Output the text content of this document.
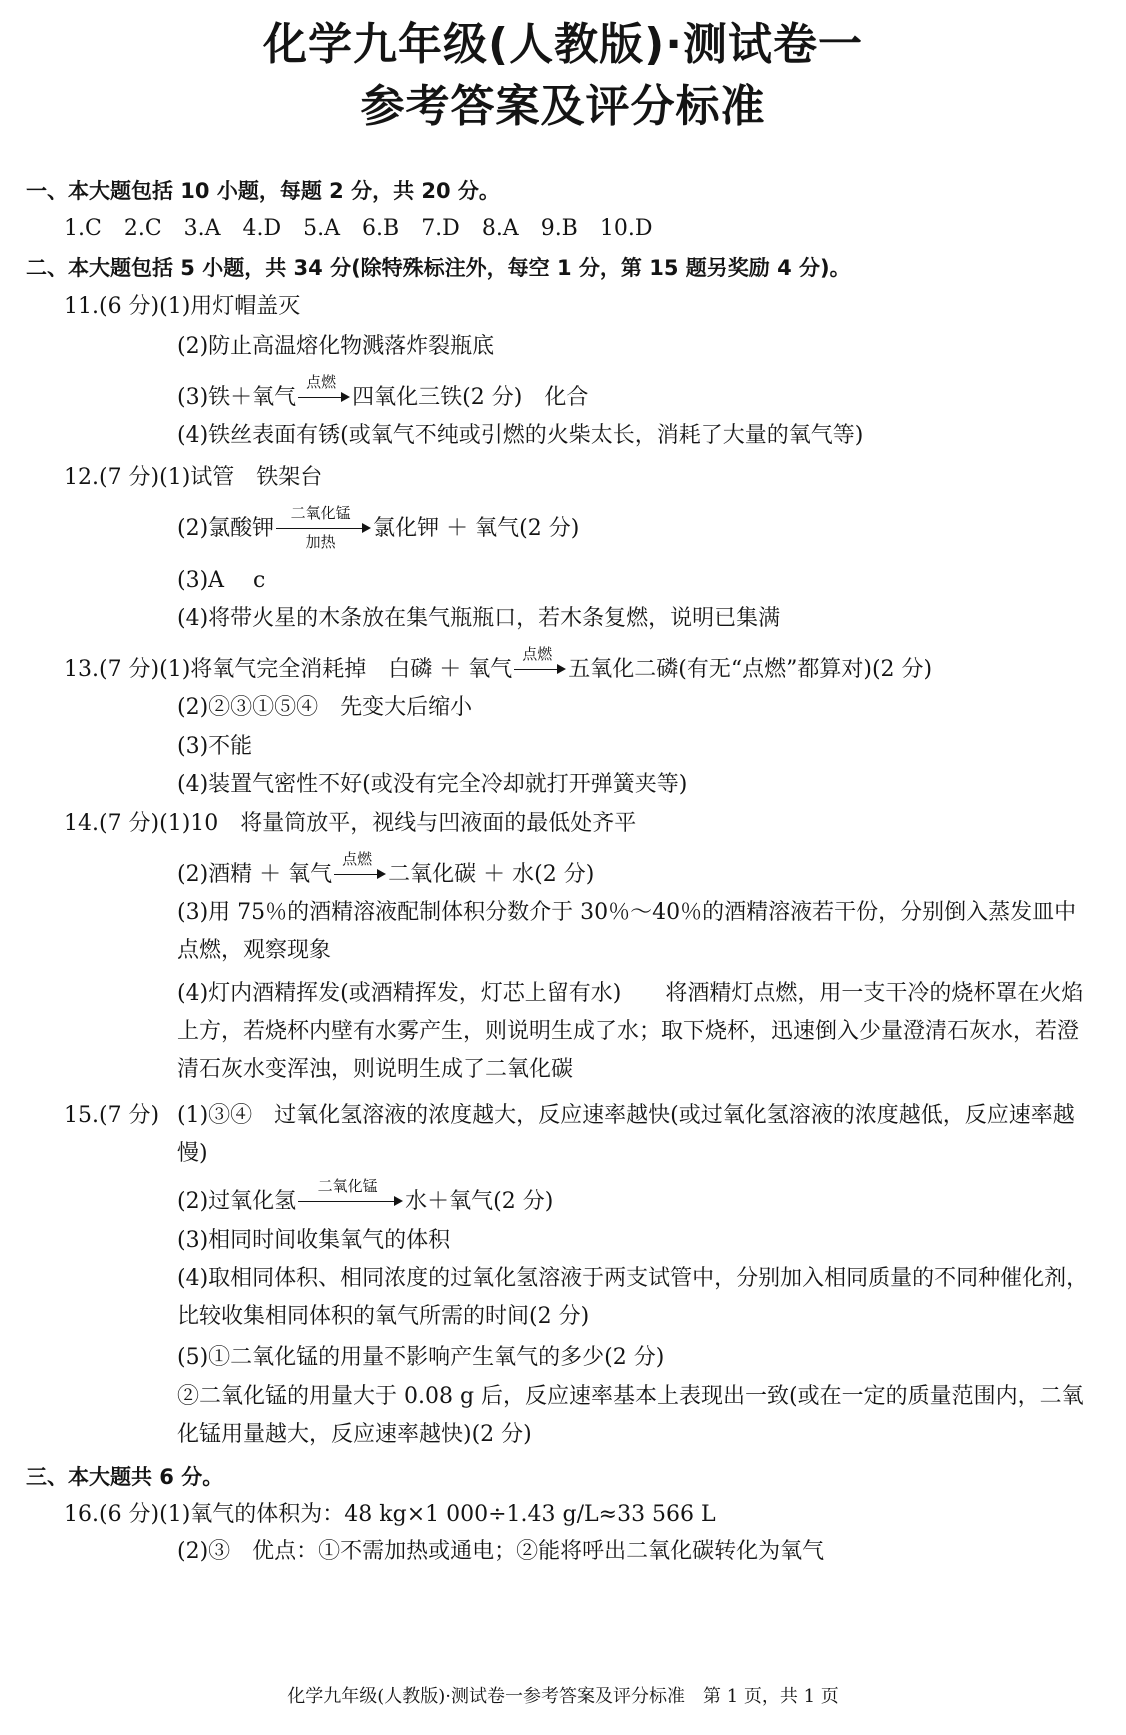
化学九年级(人教版)·测试卷一
参考答案及评分标准
一、本大题包括 10 小题，每题 2 分，共 20 分。
1.C　2.C　3.A　4.D　5.A　6.B　7.D　8.A　9.B　10.D
二、本大题包括 5 小题，共 34 分(除特殊标注外，每空 1 分，第 15 题另奖励 4 分)。
11.(6 分)(1)用灯帽盖灭
(2)防止高温熔化物溅落炸裂瓶底
(3)铁＋氧气
点燃
四氧化三铁(2 分)　化合
(4)铁丝表面有锈(或氧气不纯或引燃的火柴太长，消耗了大量的氧气等)
12.(7 分)(1)试管　铁架台
(2)氯酸钾
二氧化锰
加热
氯化钾 ＋ 氧气(2 分)
(3)A　 c
(4)将带火星的木条放在集气瓶瓶口，若木条复燃，说明已集满
13.(7 分)(1)将氧气完全消耗掉　白磷 ＋ 氧气
点燃
五氧化二磷(有无“点燃”都算对)(2 分)
(2)②③①⑤④　先变大后缩小
(3)不能
(4)装置气密性不好(或没有完全冷却就打开弹簧夹等)
14.(7 分)(1)10　将量筒放平，视线与凹液面的最低处齐平
(2)酒精 ＋ 氧气
点燃
二氧化碳 ＋ 水(2 分)
(3)用 75％的酒精溶液配制体积分数介于 30％～40％的酒精溶液若干份，分别倒入蒸发皿中点燃，观察现象
(4)灯内酒精挥发(或酒精挥发，灯芯上留有水)　　将酒精灯点燃，用一支干冷的烧杯罩在火焰上方，若烧杯内壁有水雾产生，则说明生成了水；取下烧杯，迅速倒入少量澄清石灰水，若澄清石灰水变浑浊，则说明生成了二氧化碳
15.(7 分) (1)③④　过氧化氢溶液的浓度越大，反应速率越快(或过氧化氢溶液的浓度越低，反应速率越慢)
(2)过氧化氢
二氧化锰
水＋氧气(2 分)
(3)相同时间收集氧气的体积
(4)取相同体积、相同浓度的过氧化氢溶液于两支试管中，分别加入相同质量的不同种催化剂，比较收集相同体积的氧气所需的时间(2 分)
(5)①二氧化锰的用量不影响产生氧气的多少(2 分)
②二氧化锰的用量大于 0.08 g 后，反应速率基本上表现出一致(或在一定的质量范围内，二氧化锰用量越大，反应速率越快)(2 分)
三、本大题共 6 分。
16.(6 分)(1)氧气的体积为：48 kg×1 000÷1.43 g/L≈33 566 L
(2)③　优点：①不需加热或通电；②能将呼出二氧化碳转化为氧气
化学九年级(人教版)·测试卷一参考答案及评分标准　第 1 页，共 1 页
